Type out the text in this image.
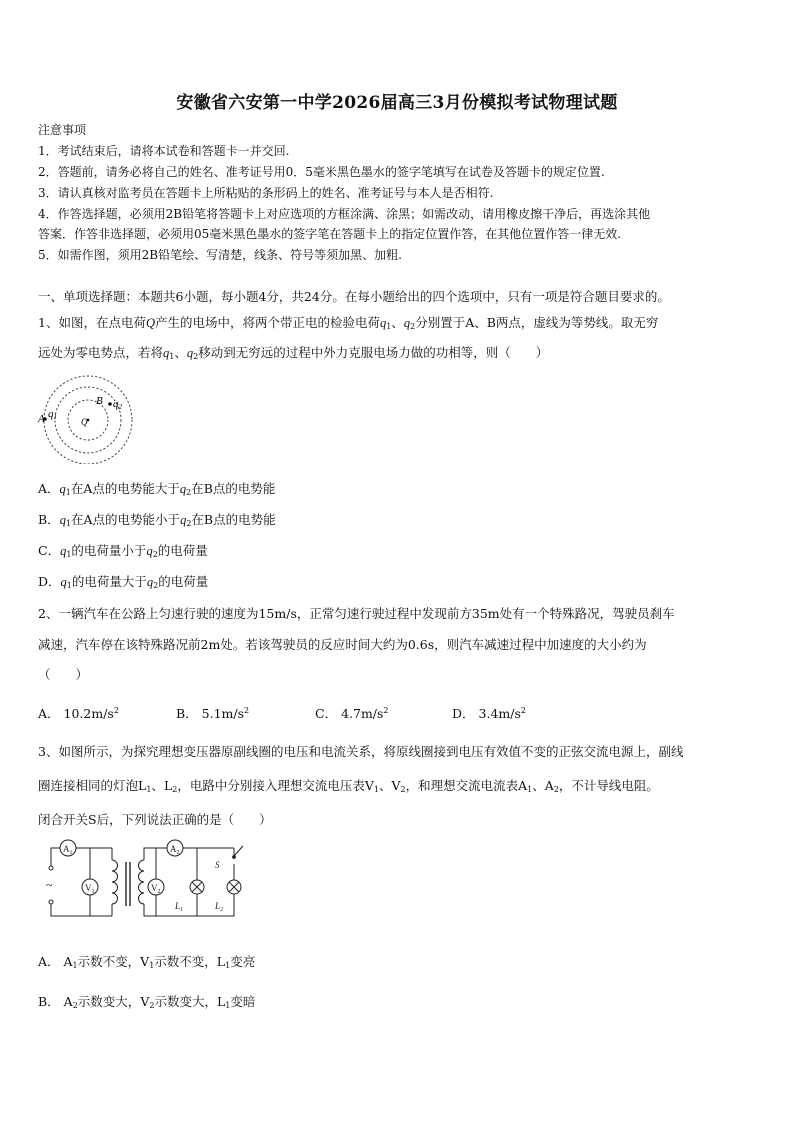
安徽省六安第一中学2026届高三3月份模拟考试物理试题
注意事项
1．考试结束后，请将本试卷和答题卡一并交回.
2．答题前，请务必将自己的姓名、准考证号用0．5毫米黑色墨水的签字笔填写在试卷及答题卡的规定位置.
3．请认真核对监考员在答题卡上所粘贴的条形码上的姓名、准考证号与本人是否相符.
4．作答选择题，必须用2B铅笔将答题卡上对应选项的方框涂满、涂黑；如需改动，请用橡皮擦干净后，再选涂其他
答案．作答非选择题，必须用05毫米黑色墨水的签字笔在答题卡上的指定位置作答，在其他位置作答一律无效.
5．如需作图，须用2B铅笔绘、写清楚，线条、符号等须加黑、加粗.
一、单项选择题：本题共6小题，每小题4分，共24分。在每小题给出的四个选项中，只有一项是符合题目要求的。
1、如图，在点电荷Q产生的电场中，将两个带正电的检验电荷$q_1$、$q_2$分别置于A、B两点，虚线为等势线。取无穷
远处为零电势点，若将$q_1$、$q_2$移动到无穷远的过程中外力克服电场力做的功相等，则（　　）
A q1
B q2
Q
A．$q_1$在A点的电势能大于$q_2$在B点的电势能
B．$q_1$在A点的电势能小于$q_2$在B点的电势能
C．$q_1$的电荷量小于$q_2$的电荷量
D．$q_1$的电荷量大于$q_2$的电荷量
2、一辆汽车在公路上匀速行驶的速度为15m/s，正常匀速行驶过程中发现前方35m处有一个特殊路况，驾驶员刹车
减速，汽车停在该特殊路况前2m处。若该驾驶员的反应时间大约为0.6s，则汽车减速过程中加速度的大小约为
（　　）
A． $10.2m/s^2$	B． $5.1m/s^2$	C． $4.7m/s^2$	D． $3.4m/s^2$
3、如图所示，为探究理想变压器原副线圈的电压和电流关系，将原线圈接到电压有效值不变的正弦交流电源上，副线
圈连接相同的灯泡$L_1$、$L_2$，电路中分别接入理想交流电压表$V_1$、$V_2$，和理想交流电流表$A_1$、$A_2$，不计导线电阻。
闭合开关S后，下列说法正确的是（　　）
~
$A_1$
$V_1$	$V_2$
$A_2$
$L_1$
S
$L_2$
A． $A_1$示数不变，$V_1$示数不变，$L_1$变亮
B． $A_2$示数变大，$V_2$示数变大，$L_1$变暗
